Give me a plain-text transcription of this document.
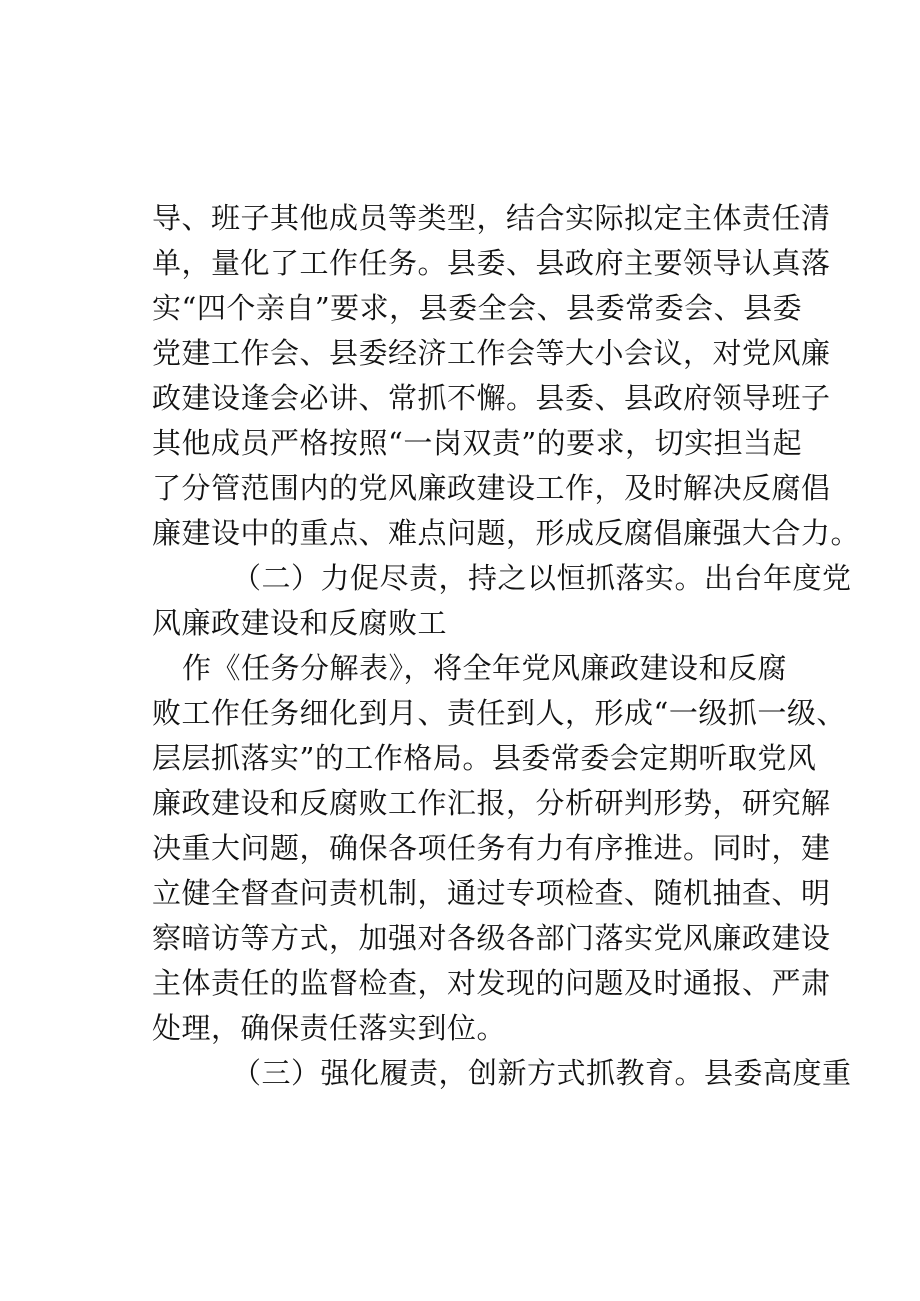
导、班子其他成员等类型，结合实际拟定主体责任清
单，量化了工作任务。县委、县政府主要领导认真落
实“四个亲自”要求，县委全会、县委常委会、县委
党建工作会、县委经济工作会等大小会议，对党风廉
政建设逢会必讲、常抓不懈。县委、县政府领导班子
其他成员严格按照“一岗双责”的要求，切实担当起
了分管范围内的党风廉政建设工作，及时解决反腐倡
廉建设中的重点、难点问题，形成反腐倡廉强大合力。
（二）力促尽责，持之以恒抓落实。出台年度党
风廉政建设和反腐败工
作《任务分解表》，将全年党风廉政建设和反腐
败工作任务细化到月、责任到人，形成“一级抓一级、
层层抓落实”的工作格局。县委常委会定期听取党风
廉政建设和反腐败工作汇报，分析研判形势，研究解
决重大问题，确保各项任务有力有序推进。同时，建
立健全督查问责机制，通过专项检查、随机抽查、明
察暗访等方式，加强对各级各部门落实党风廉政建设
主体责任的监督检查，对发现的问题及时通报、严肃
处理，确保责任落实到位。
（三）强化履责，创新方式抓教育。县委高度重
